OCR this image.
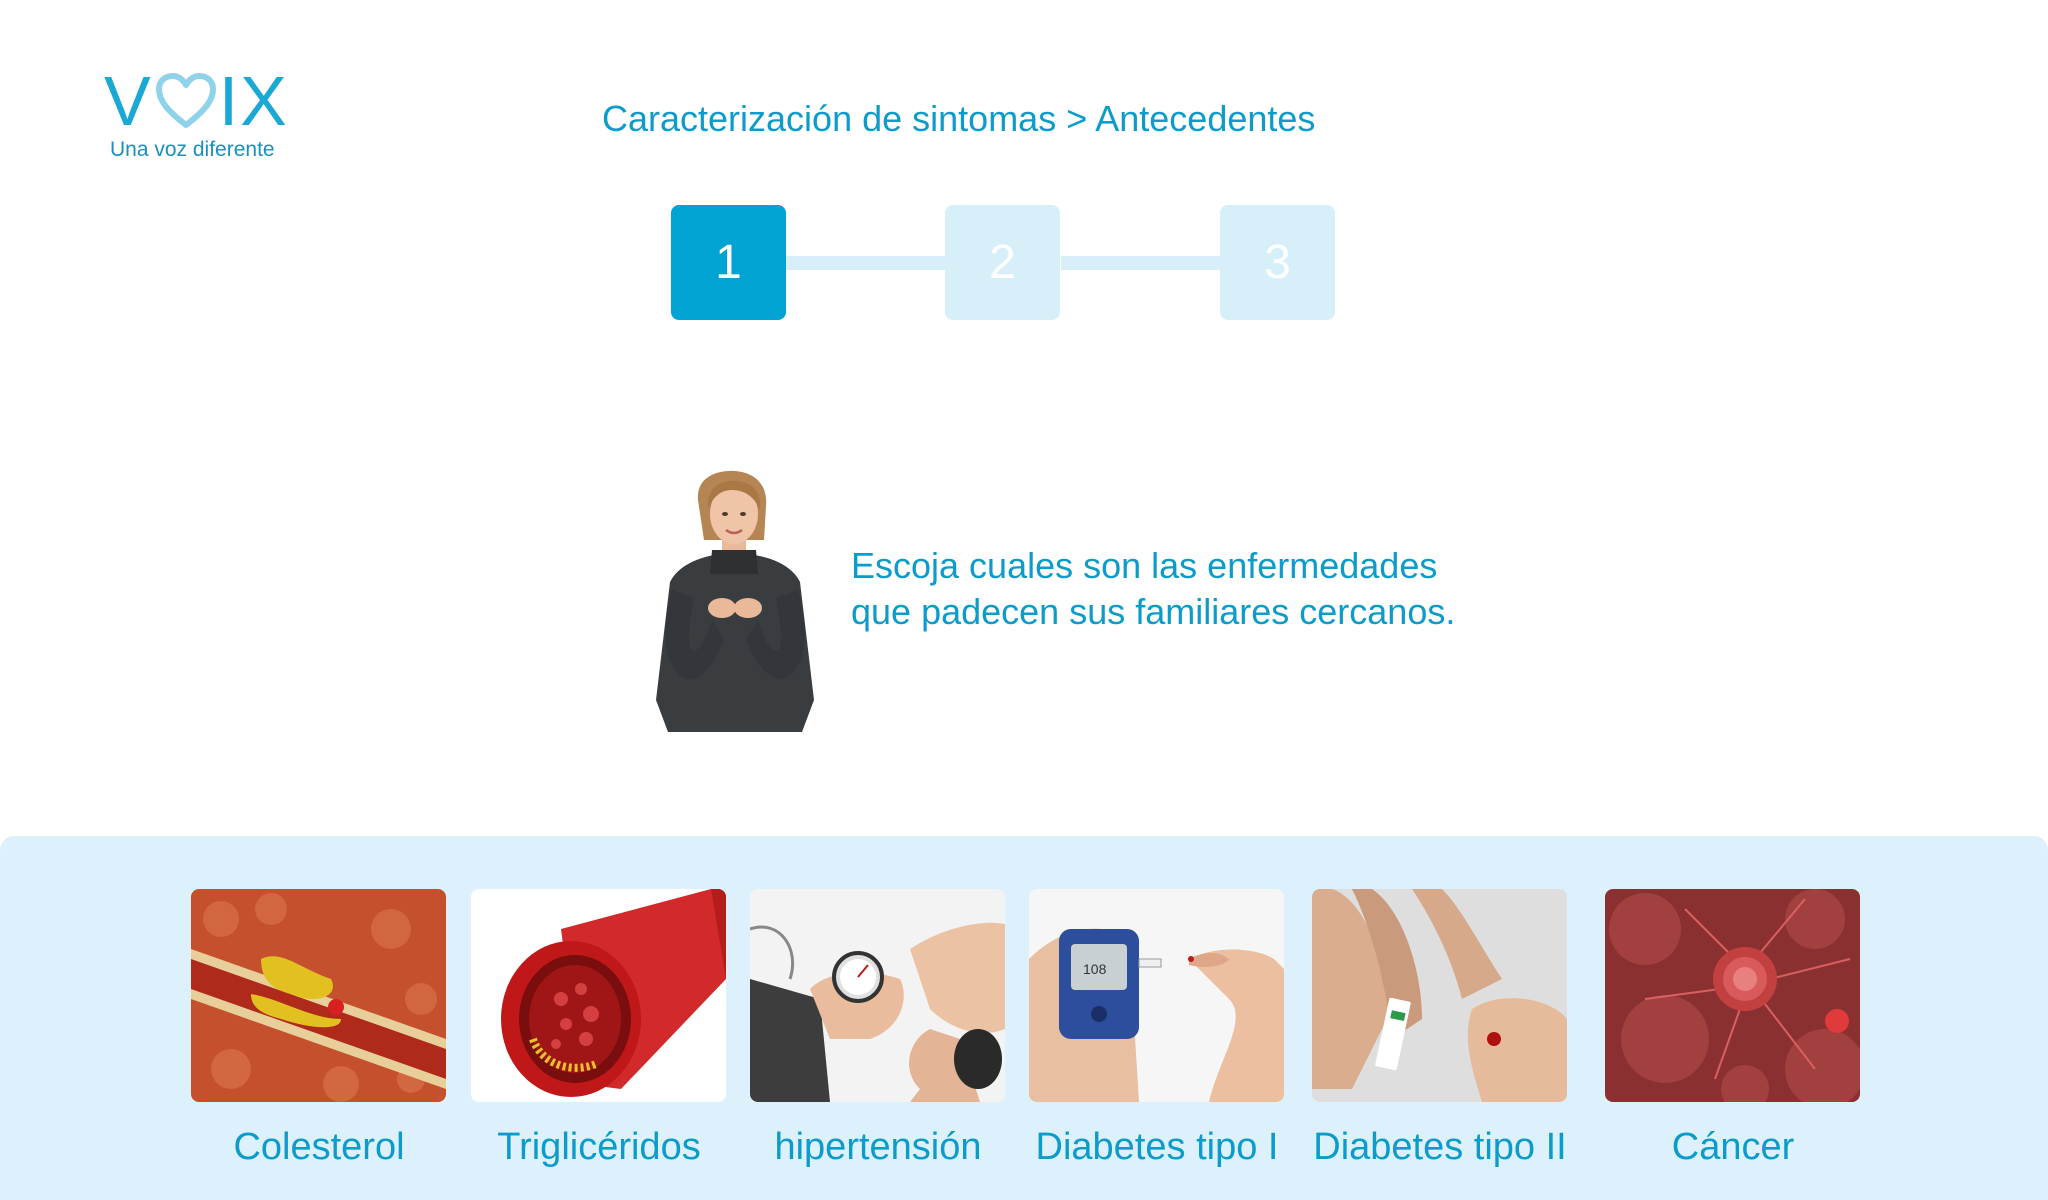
V IX
Una voz diferente
Caracterización de sintomas > Antecedentes
1	2	3
Escoja cuales son las enfermedades
que padecen sus familiares cercanos.
Colesterol	Triglicéridos	hipertensión
108
Diabetes tipo I Diabetes tipo II	Cáncer
